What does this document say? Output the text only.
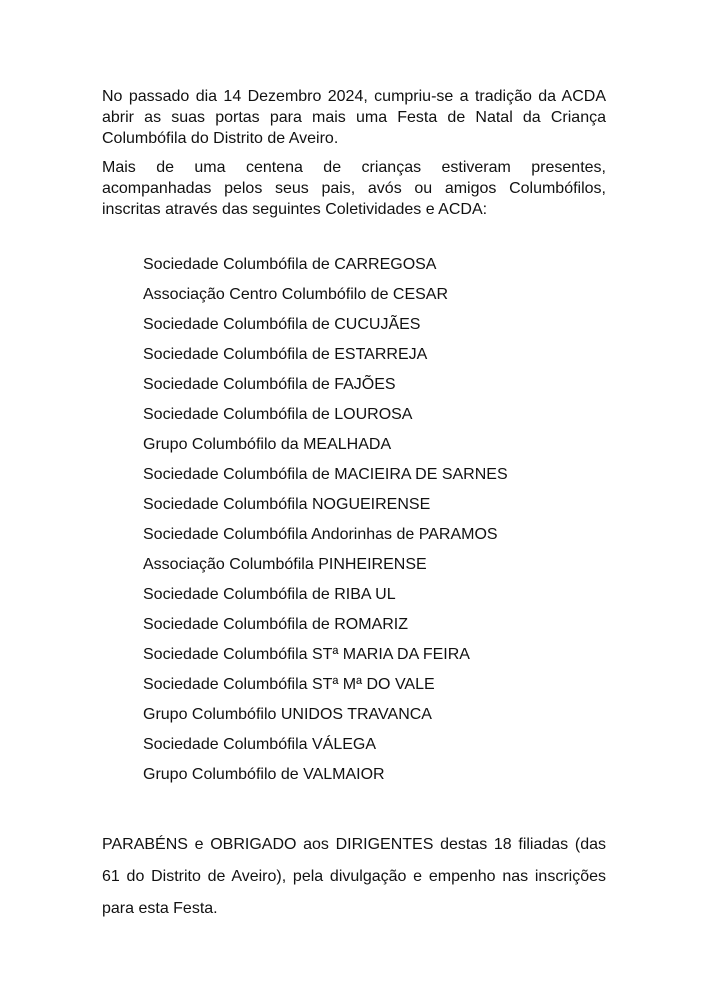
No passado dia 14 Dezembro 2024, cumpriu-se a tradição da ACDA abrir as suas portas para mais uma Festa de Natal da Criança Columbófila do Distrito de Aveiro.

Mais de uma centena de crianças estiveram presentes, acompanhadas pelos seus pais, avós ou amigos Columbófilos, inscritas através das seguintes Coletividades e ACDA:

Sociedade Columbófila de CARREGOSA
Associação Centro Columbófilo de CESAR
Sociedade Columbófila de CUCUJÃES
Sociedade Columbófila de ESTARREJA
Sociedade Columbófila de FAJÕES
Sociedade Columbófila de LOUROSA
Grupo Columbófilo da MEALHADA
Sociedade Columbófila de MACIEIRA DE SARNES
Sociedade Columbófila NOGUEIRENSE
Sociedade Columbófila Andorinhas de PARAMOS
Associação Columbófila PINHEIRENSE
Sociedade Columbófila de RIBA UL
Sociedade Columbófila de ROMARIZ
Sociedade Columbófila STª MARIA DA FEIRA
Sociedade Columbófila STª Mª DO VALE
Grupo Columbófilo UNIDOS TRAVANCA
Sociedade Columbófila VÁLEGA
Grupo Columbófilo de VALMAIOR

PARABÉNS e OBRIGADO aos DIRIGENTES destas 18 filiadas (das 61 do Distrito de Aveiro), pela divulgação e empenho nas inscrições para esta Festa.
